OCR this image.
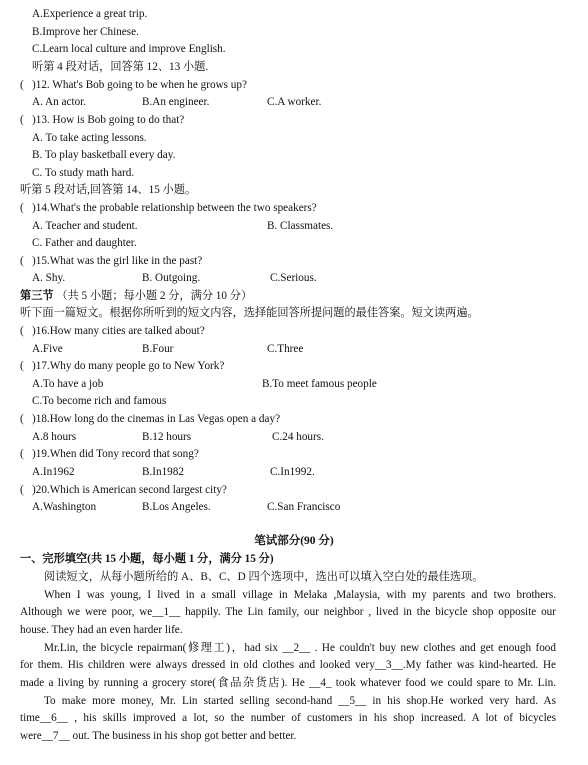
A.Experience a great trip.
B.Improve her Chinese.
C.Learn local culture and improve English.
听第 4 段对话，回答第 12、13 小题.
( )12. What's Bob going to be when he grows up?
A. An actor.	B.An engineer.	C.A worker.
( )13. How is Bob going to do that?
A. To take acting lessons.
B. To play basketball every day.
C. To study math hard.
听第 5 段对话,回答第 14、15 小题。
( )14.What's the probable relationship between the two speakers?
A. Teacher and student.	B. Classmates.
C. Father and daughter.
( )15.What was the girl like in the past?
A. Shy.	B. Outgoing.	C.Serious.
第三节 （共 5 小题；每小题 2 分，满分 10 分）
听下面一篇短文。根据你所听到的短文内容，选择能回答所提问题的最佳答案。短文读两遍。
( )16.How many cities are talked about?
A.Five	B.Four	C.Three
( )17.Why do many people go to New York?
A.To have a job	B.To meet famous people
C.To become rich and famous
( )18.How long do the cinemas in Las Vegas open a day?
A.8 hours	B.12 hours	C.24 hours.
( )19.When did Tony record that song?
A.In1962	B.In1982	C.In1992.
( )20.Which is American second largest city?
A.Washington	B.Los Angeles.	C.San Francisco
笔试部分(90 分)
一、完形填空(共 15 小题，每小题 1 分，满分 15 分)
阅读短文，从每小题所给的 A、B、C、D 四个选项中，选出可以填入空白处的最佳选项。
When I was young, I lived in a small village in Melaka ,Malaysia, with my parents and two brothers.
Although we were poor, we__1__ happily. The Lin family, our neighbor , lived in the bicycle shop opposite our
house. They had an even harder life.
Mr.Lin, the bicycle repairman(修理工)，had six __2__ . He couldn't buy new clothes and get enough food
for them. His children were always dressed in old clothes and looked very__3__.My father was kind-hearted. He
made a living by running a grocery store(食品杂货店). He __4_ took whatever food we could spare to Mr. Lin.
To make more money, Mr. Lin started selling second-hand __5__ in his shop.He worked very hard. As
time__6__ , his skills improved a lot, so the number of customers in his shop increased. A lot of bicycles
were__7__ out. The business in his shop got better and better.
